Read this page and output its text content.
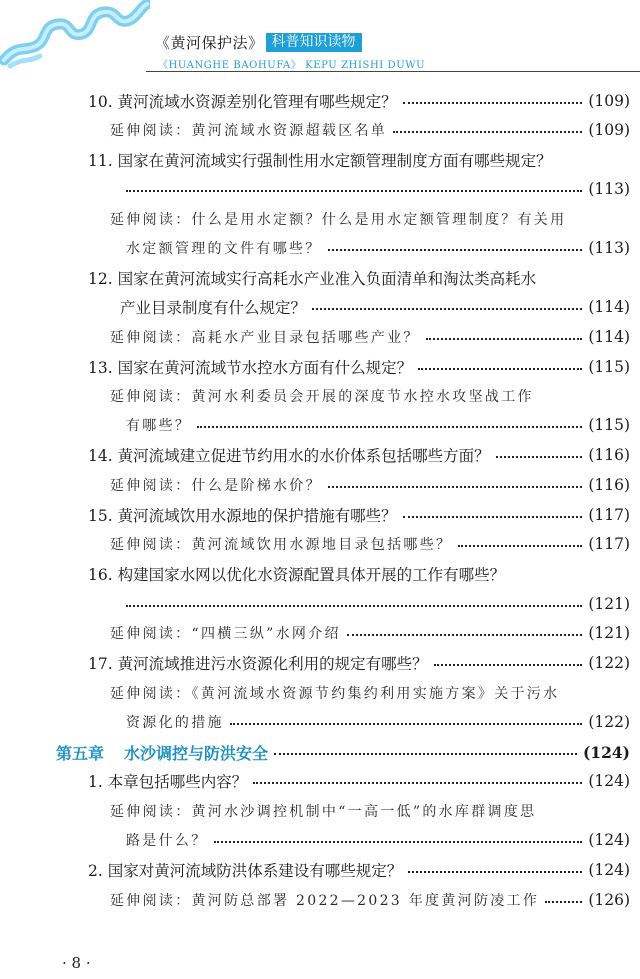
《黄河保护法》 科普知识读物
《HUANGHE BAOHUFA》 KEPU ZHISHI DUWU
10. 黄河流域水资源差别化管理有哪些规定？	(109)
延伸阅读：黄河流域水资源超载区名单	(109)
11. 国家在黄河流域实行强制性用水定额管理制度方面有哪些规定？
(113)
延伸阅读：什么是用水定额？什么是用水定额管理制度？有关用
水定额管理的文件有哪些？	(113)
12. 国家在黄河流域实行高耗水产业准入负面清单和淘汰类高耗水
产业目录制度有什么规定？	(114)
延伸阅读：高耗水产业目录包括哪些产业？	(114)
13. 国家在黄河流域节水控水方面有什么规定？	(115)
延伸阅读：黄河水利委员会开展的深度节水控水攻坚战工作
有哪些？	(115)
14. 黄河流域建立促进节约用水的水价体系包括哪些方面？	(116)
延伸阅读：什么是阶梯水价？	(116)
15. 黄河流域饮用水源地的保护措施有哪些？	(117)
延伸阅读：黄河流域饮用水源地目录包括哪些？	(117)
16. 构建国家水网以优化水资源配置具体开展的工作有哪些？
(121)
延伸阅读：“四横三纵”水网介绍	(121)
17. 黄河流域推进污水资源化利用的规定有哪些？	(122)
延伸阅读：《黄河流域水资源节约集约利用实施方案》关于污水
资源化的措施	(122)
第五章 水沙调控与防洪安全	(124)
1. 本章包括哪些内容？	(124)
延伸阅读：黄河水沙调控机制中“一高一低”的水库群调度思
路是什么？	(124)
2. 国家对黄河流域防洪体系建设有哪些规定？	(124)
延伸阅读：黄河防总部署 2022—2023 年度黄河防凌工作	(126)
· 8 ·
